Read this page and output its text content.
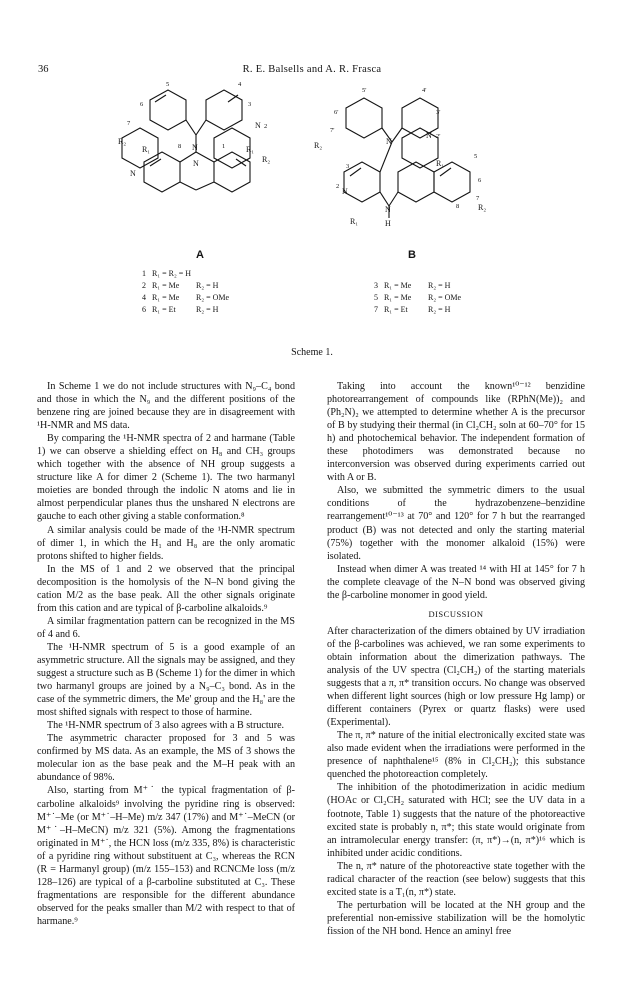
36	R. E. Balsells and A. R. Frasca
5	4
6	3
7	N 2
R₂
R₁	N	R₁
R₂
N
N
8	1
5'	4'
6'	3'
7'
N 2'
R₂	N
R₁
5
3
6
2
N
7
N	8 R₂
R₁	H
A	B
1 R₁ = R₂ = H
2 R₁ = Me R₂ = H
4 R₁ = Me R₂ = OMe
6 R₁ = Et	R₂ = H
3 R₁ = Me R₂ = H
5 R₁ = Me R₂ = OMe
7 R₁ = Et	R₂ = H
Scheme 1.

In Scheme 1 we do not include structures with N₉–C₄ bond and those in which the N₉ and the different positions of the benzene ring are joined because they are in disagreement with ¹H-NMR and MS data.

By comparing the ¹H-NMR spectra of 2 and harmane (Table 1) we can observe a shielding effect on H₈ and CH₃ groups which together with the absence of NH group suggests a structure like A for dimer 2 (Scheme 1). The two harmanyl moieties are bonded through the indolic N atoms and lie in almost perpendicular planes thus the unshared N electrons are gauche to each other giving a stable conformation.⁸

A similar analysis could be made of the ¹H-NMR spectrum of dimer 1, in which the H₁ and H₈ are the only aromatic protons shifted to higher fields.

In the MS of 1 and 2 we observed that the principal decomposition is the homolysis of the N–N bond giving the cation M/2 as the base peak. All the other signals originate from this cation and are typical of β-carboline alkaloids.⁹

A similar fragmentation pattern can be recognized in the MS of 4 and 6.

The ¹H-NMR spectrum of 5 is a good example of an asymmetric structure. All the signals may be assigned, and they suggest a structure such as B (Scheme 1) for the dimer in which two harmanyl groups are joined by a N₉–C₃ bond. As in the case of the symmetric dimers, the Me' group and the H₈' are the most shifted signals with respect to those of harmine.

The ¹H-NMR spectrum of 3 also agrees with a B structure.

The asymmetric character proposed for 3 and 5 was confirmed by MS data. As an example, the MS of 3 shows the molecular ion as the base peak and the M–H peak with an abundance of 98%.

Also, starting from M⁺˙ the typical fragmentation of β-carboline alkaloids⁹ involving the pyridine ring is observed: M⁺˙–Me (or M⁺˙–H–Me) m/z 347 (17%) and M⁺˙–MeCN (or M⁺˙–H–MeCN) m/z 321 (5%). Among the fragmentations originated in M⁺˙, the HCN loss (m/z 335, 8%) is characteristic of a pyridine ring without substituent at C₃, whereas the RCN (R = Harmanyl group) (m/z 155–153) and RCNCMe loss (m/z 128–126) are typical of a β-carboline substituted at C₃. These fragmentations are responsible for the different abundance observed for the peaks smaller than M/2 with respect to that of harmane.⁹

Taking into account the known¹⁰⁻¹² benzidine photorearrangement of compounds like (RPhN(Me))₂ and (Ph₂N)₂ we attempted to determine whether A is the precursor of B by studying their thermal (in Cl₂CH₂ soln at 60–70° for 15 h) and photochemical behavior. The independent formation of these photodimers was demonstrated because no interconversion was observed during experiments carried out with A or B.

Also, we submitted the symmetric dimers to the usual conditions of the hydrazobenzene–benzidine rearrangement¹⁰⁻¹³ at 70° and 120° for 7 h but the rearranged product (B) was not detected and only the starting material (75%) together with the monomer alkaloid (15%) were isolated.

Instead when dimer A was treated ¹⁴ with HI at 145° for 7 h the complete cleavage of the N–N bond was observed giving the β-carboline monomer in good yield.

DISCUSSION

After characterization of the dimers obtained by UV irradiation of the β-carbolines was achieved, we ran some experiments to obtain information about the dimerization pathways. The analysis of the UV spectra (Cl₂CH₂) of the starting materials suggests that a π, π* transition occurs. No change was observed when different light sources (high or low pressure Hg lamp) or different containers (Pyrex or quartz flasks) were used (Experimental).

The π, π* nature of the initial electronically excited state was also made evident when the irradiations were performed in the presence of naphthalene¹⁵ (8% in Cl₂CH₂); this substance quenched the photoreaction completely.

The inhibition of the photodimerization in acidic medium (HOAc or Cl₂CH₂ saturated with HCl; see the UV data in a footnote, Table 1) suggests that the nature of the photoreactive excited state is probably n, π*; this state would originate from an intramolecular energy transfer: (π, π*)→(n, π*)¹⁶ which is inhibited under acidic conditions.

The n, π* nature of the photoreactive state together with the radical character of the reaction (see below) suggests that this excited state is a T₁(n, π*) state.

The perturbation will be located at the NH group and the preferential non-emissive stabilization will be the homolytic fission of the NH bond. Hence an aminyl free
